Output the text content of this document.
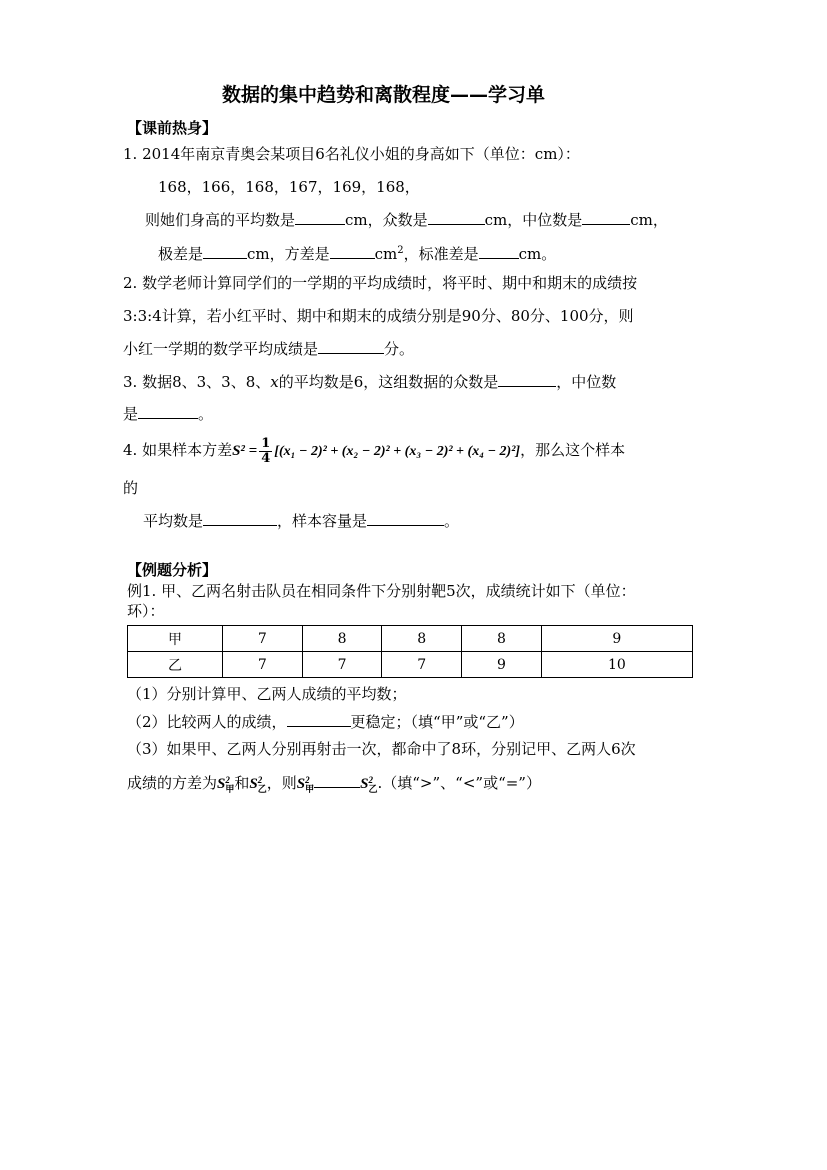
数据的集中趋势和离散程度——学习单
【课前热身】
1. 2014年南京青奥会某项目6名礼仪小姐的身高如下（单位：cm）：
168，166，168，167，169，168，
则她们身高的平均数是	cm，众数是	cm，中位数是	cm，
极差是	cm，方差是	$cm^2$，标准差是	cm。
2. 数学老师计算同学们的一学期的平均成绩时，将平时、期中和期末的成绩按
3:3:4计算，若小红平时、期中和期末的成绩分别是90分、80分、100分，则
小红一学期的数学平均成绩是	分。
3. 数据8、3、3、8、x的平均数是6，这组数据的众数是	，中位数
是	。
4. 如果样本方差$S^2 = \frac{1}{4} [(x_1 - 2)^2 + (x_2 - 2)^2 + (x_3 - 2)^2 + (x_4 - 2)^2]$，那么这个样本
的
平均数是	，样本容量是	。
【例题分析】
例1. 甲、乙两名射击队员在相同条件下分别射靶5次，成绩统计如下（单位：
环）：
甲	7	8	8	8	9
乙	7	7	7	9	10
（1）分别计算甲、乙两人成绩的平均数；
（2）比较两人的成绩，	更稳定；（填“甲”或“乙”）
（3）如果甲、乙两人分别再射击一次，都命中了8环，分别记甲、乙两人6次
成绩的方差为S 2
甲 和S 2
乙 ，则S 2
甲	S 2
乙 .（填“>”、“<”或“=”）
